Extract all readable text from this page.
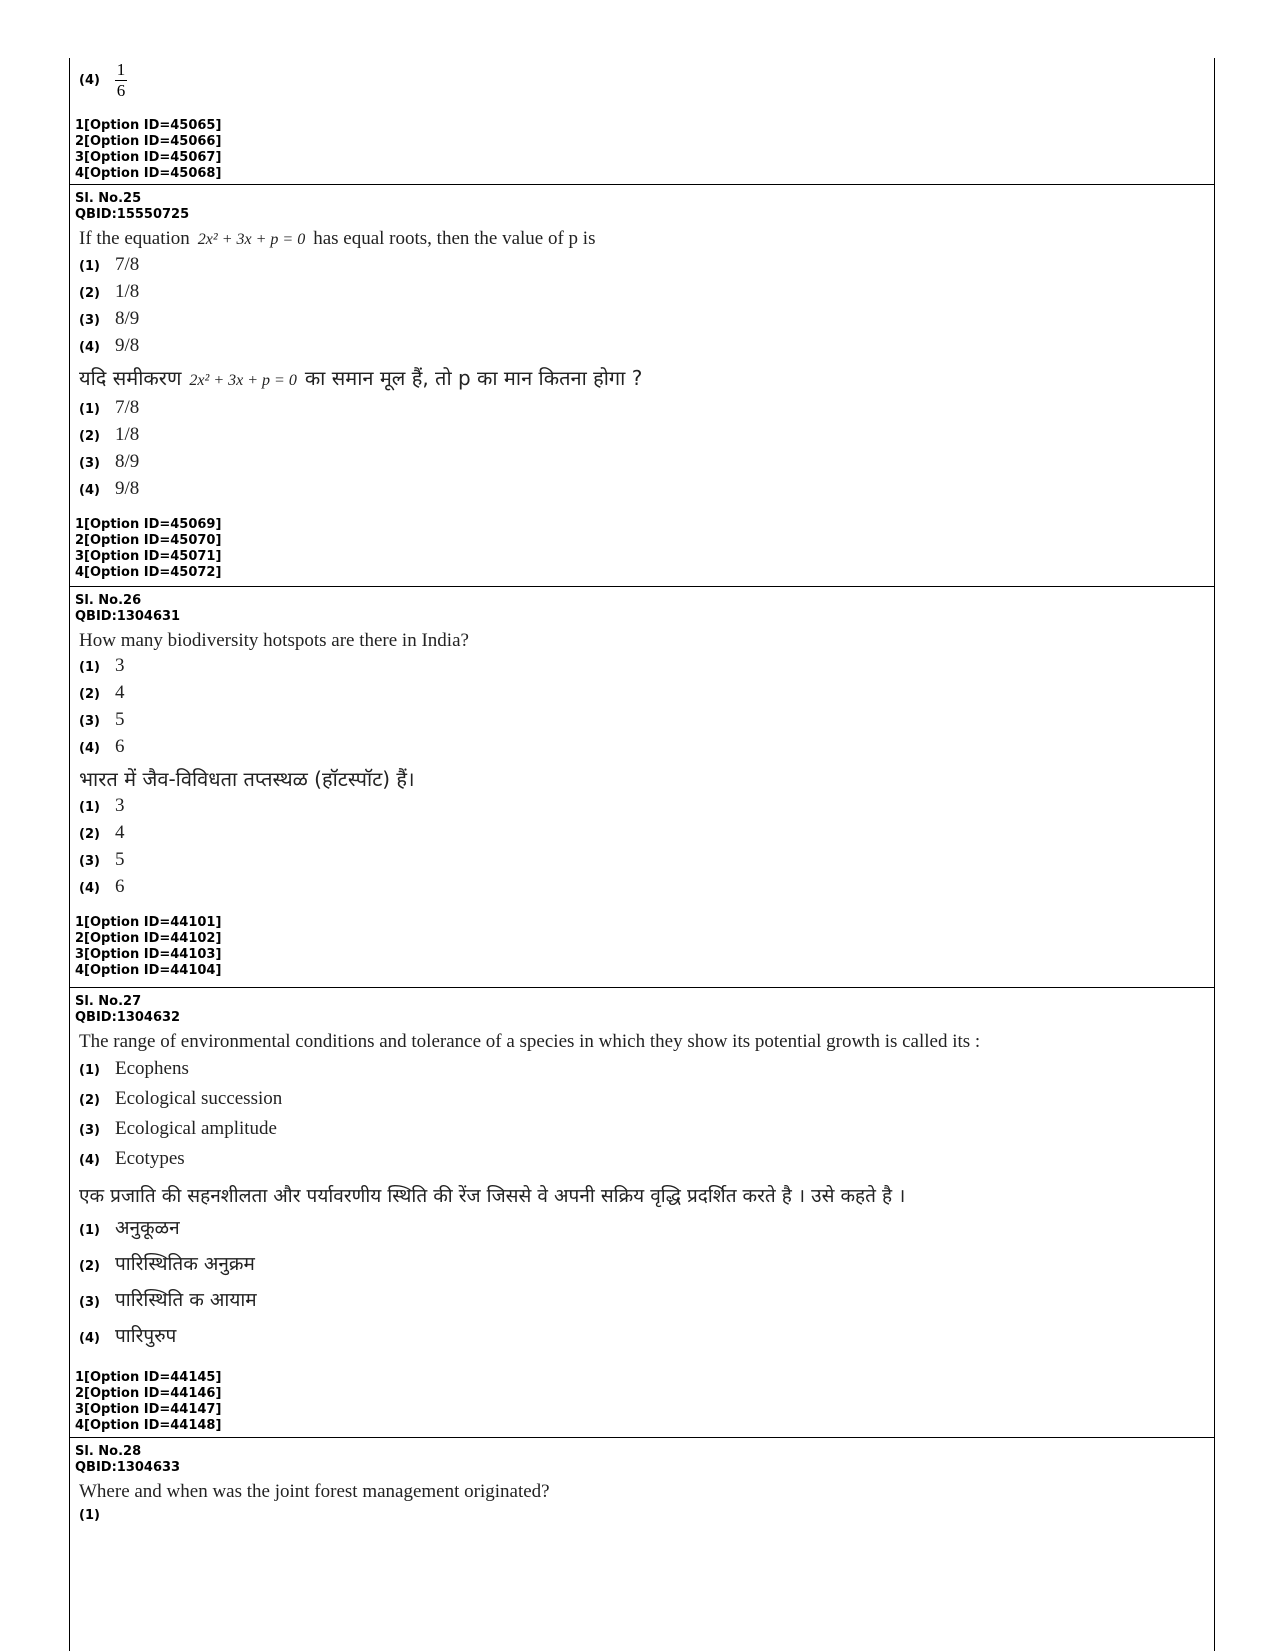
$(4) \frac{1}{6}$
1[Option ID=45065]
2[Option ID=45066]
3[Option ID=45067]
4[Option ID=45068]
Sl. No.25
QBID:15550725
If the equation 2x² + 3x + p = 0 has equal roots, then the value of p is
(1) 7/8
(2) 1/8
(3) 8/9
(4) 9/8
यदि समीकरण 2x² + 3x + p = 0 का समान मूल हैं, तो p का मान कितना होगा ?
(1) 7/8
(2) 1/8
(3) 8/9
(4) 9/8
1[Option ID=45069]
2[Option ID=45070]
3[Option ID=45071]
4[Option ID=45072]
Sl. No.26
QBID:1304631
How many biodiversity hotspots are there in India?
(1) 3
(2) 4
(3) 5
(4) 6
भारत में जैव-विविधता तप्तस्थळ (हॉटस्पॉट) हैं।
(1) 3
(2) 4
(3) 5
(4) 6
1[Option ID=44101]
2[Option ID=44102]
3[Option ID=44103]
4[Option ID=44104]
Sl. No.27
QBID:1304632
The range of environmental conditions and tolerance of a species in which they show its potential growth is called its :
(1) Ecophens
(2) Ecological succession
(3) Ecological amplitude
(4) Ecotypes
एक प्रजाति की सहनशीलता और पर्यावरणीय स्थिति की रेंज जिससे वे अपनी सक्रिय वृद्धि प्रदर्शित करते है । उसे कहते है ।
(1) अनुकूळन
(2) पारिस्थितिक अनुक्रम
(3) पारिस्थिति क आयाम
(4) पारिपुरुप
1[Option ID=44145]
2[Option ID=44146]
3[Option ID=44147]
4[Option ID=44148]
Sl. No.28
QBID:1304633
Where and when was the joint forest management originated?
(1)
